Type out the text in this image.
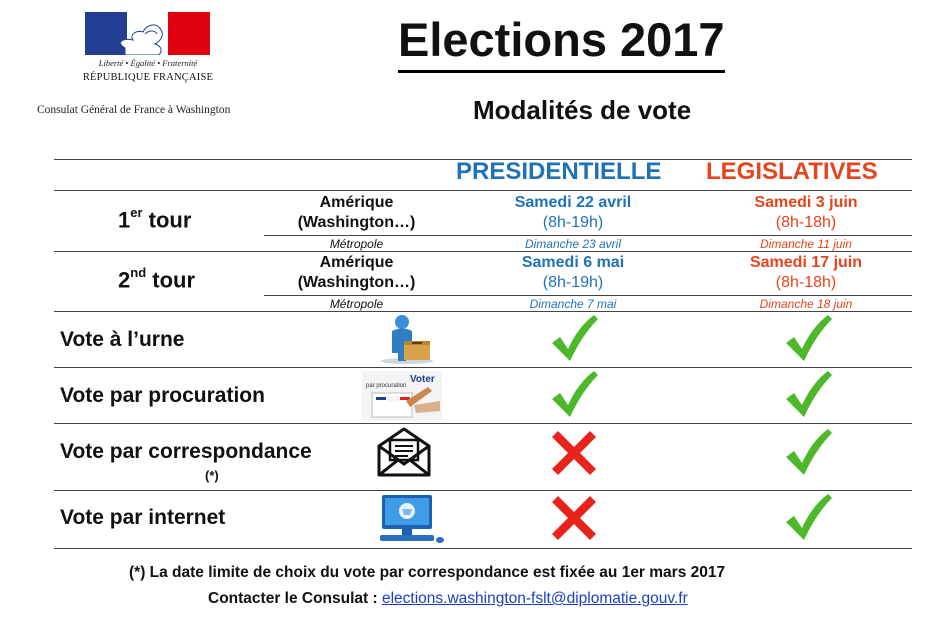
Liberté • Égalité • Fraternité
RÉPUBLIQUE FRANÇAISE
Consulat Général de France à Washington
Elections 2017
Modalités de vote
PRESIDENTIELLE LEGISLATIVES
1er tour
Amérique (Washington…)
Métropole
Samedi 22 avril
(8h-19h)
Dimanche 23 avril
Samedi 3 juin
(8h-18h)
Dimanche 11 juin
2nd tour
Amérique (Washington…)
Métropole
Samedi 6 mai
(8h-19h)
Dimanche 7 mai
Samedi 17 juin
(8h-18h)
Dimanche 18 juin
Vote à l’urne
Vote par procuration
Vote par correspondance
(*)
Vote par internet
Voter
par procuration
(*) La date limite de choix du vote par correspondance est fixée au 1er mars 2017
Contacter le Consulat : elections.washington-fslt@diplomatie.gouv.fr
